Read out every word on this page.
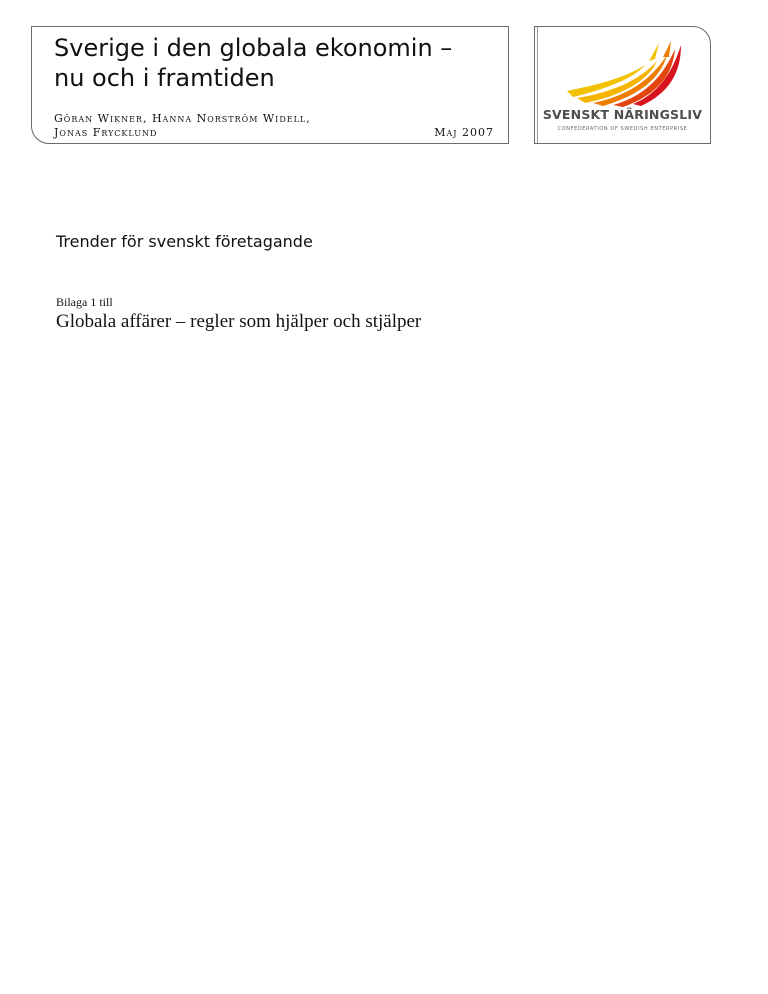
Sverige i den globala ekonomin –
nu och i framtiden
Göran Wikner, Hanna Norström Widell,
Jonas Frycklund	Maj 2007
SVENSKT NÄRINGSLIV
CONFEDERATION OF SWEDISH ENTERPRISE
Trender för svenskt företagande
Bilaga 1 till
Globala affärer – regler som hjälper och stjälper
